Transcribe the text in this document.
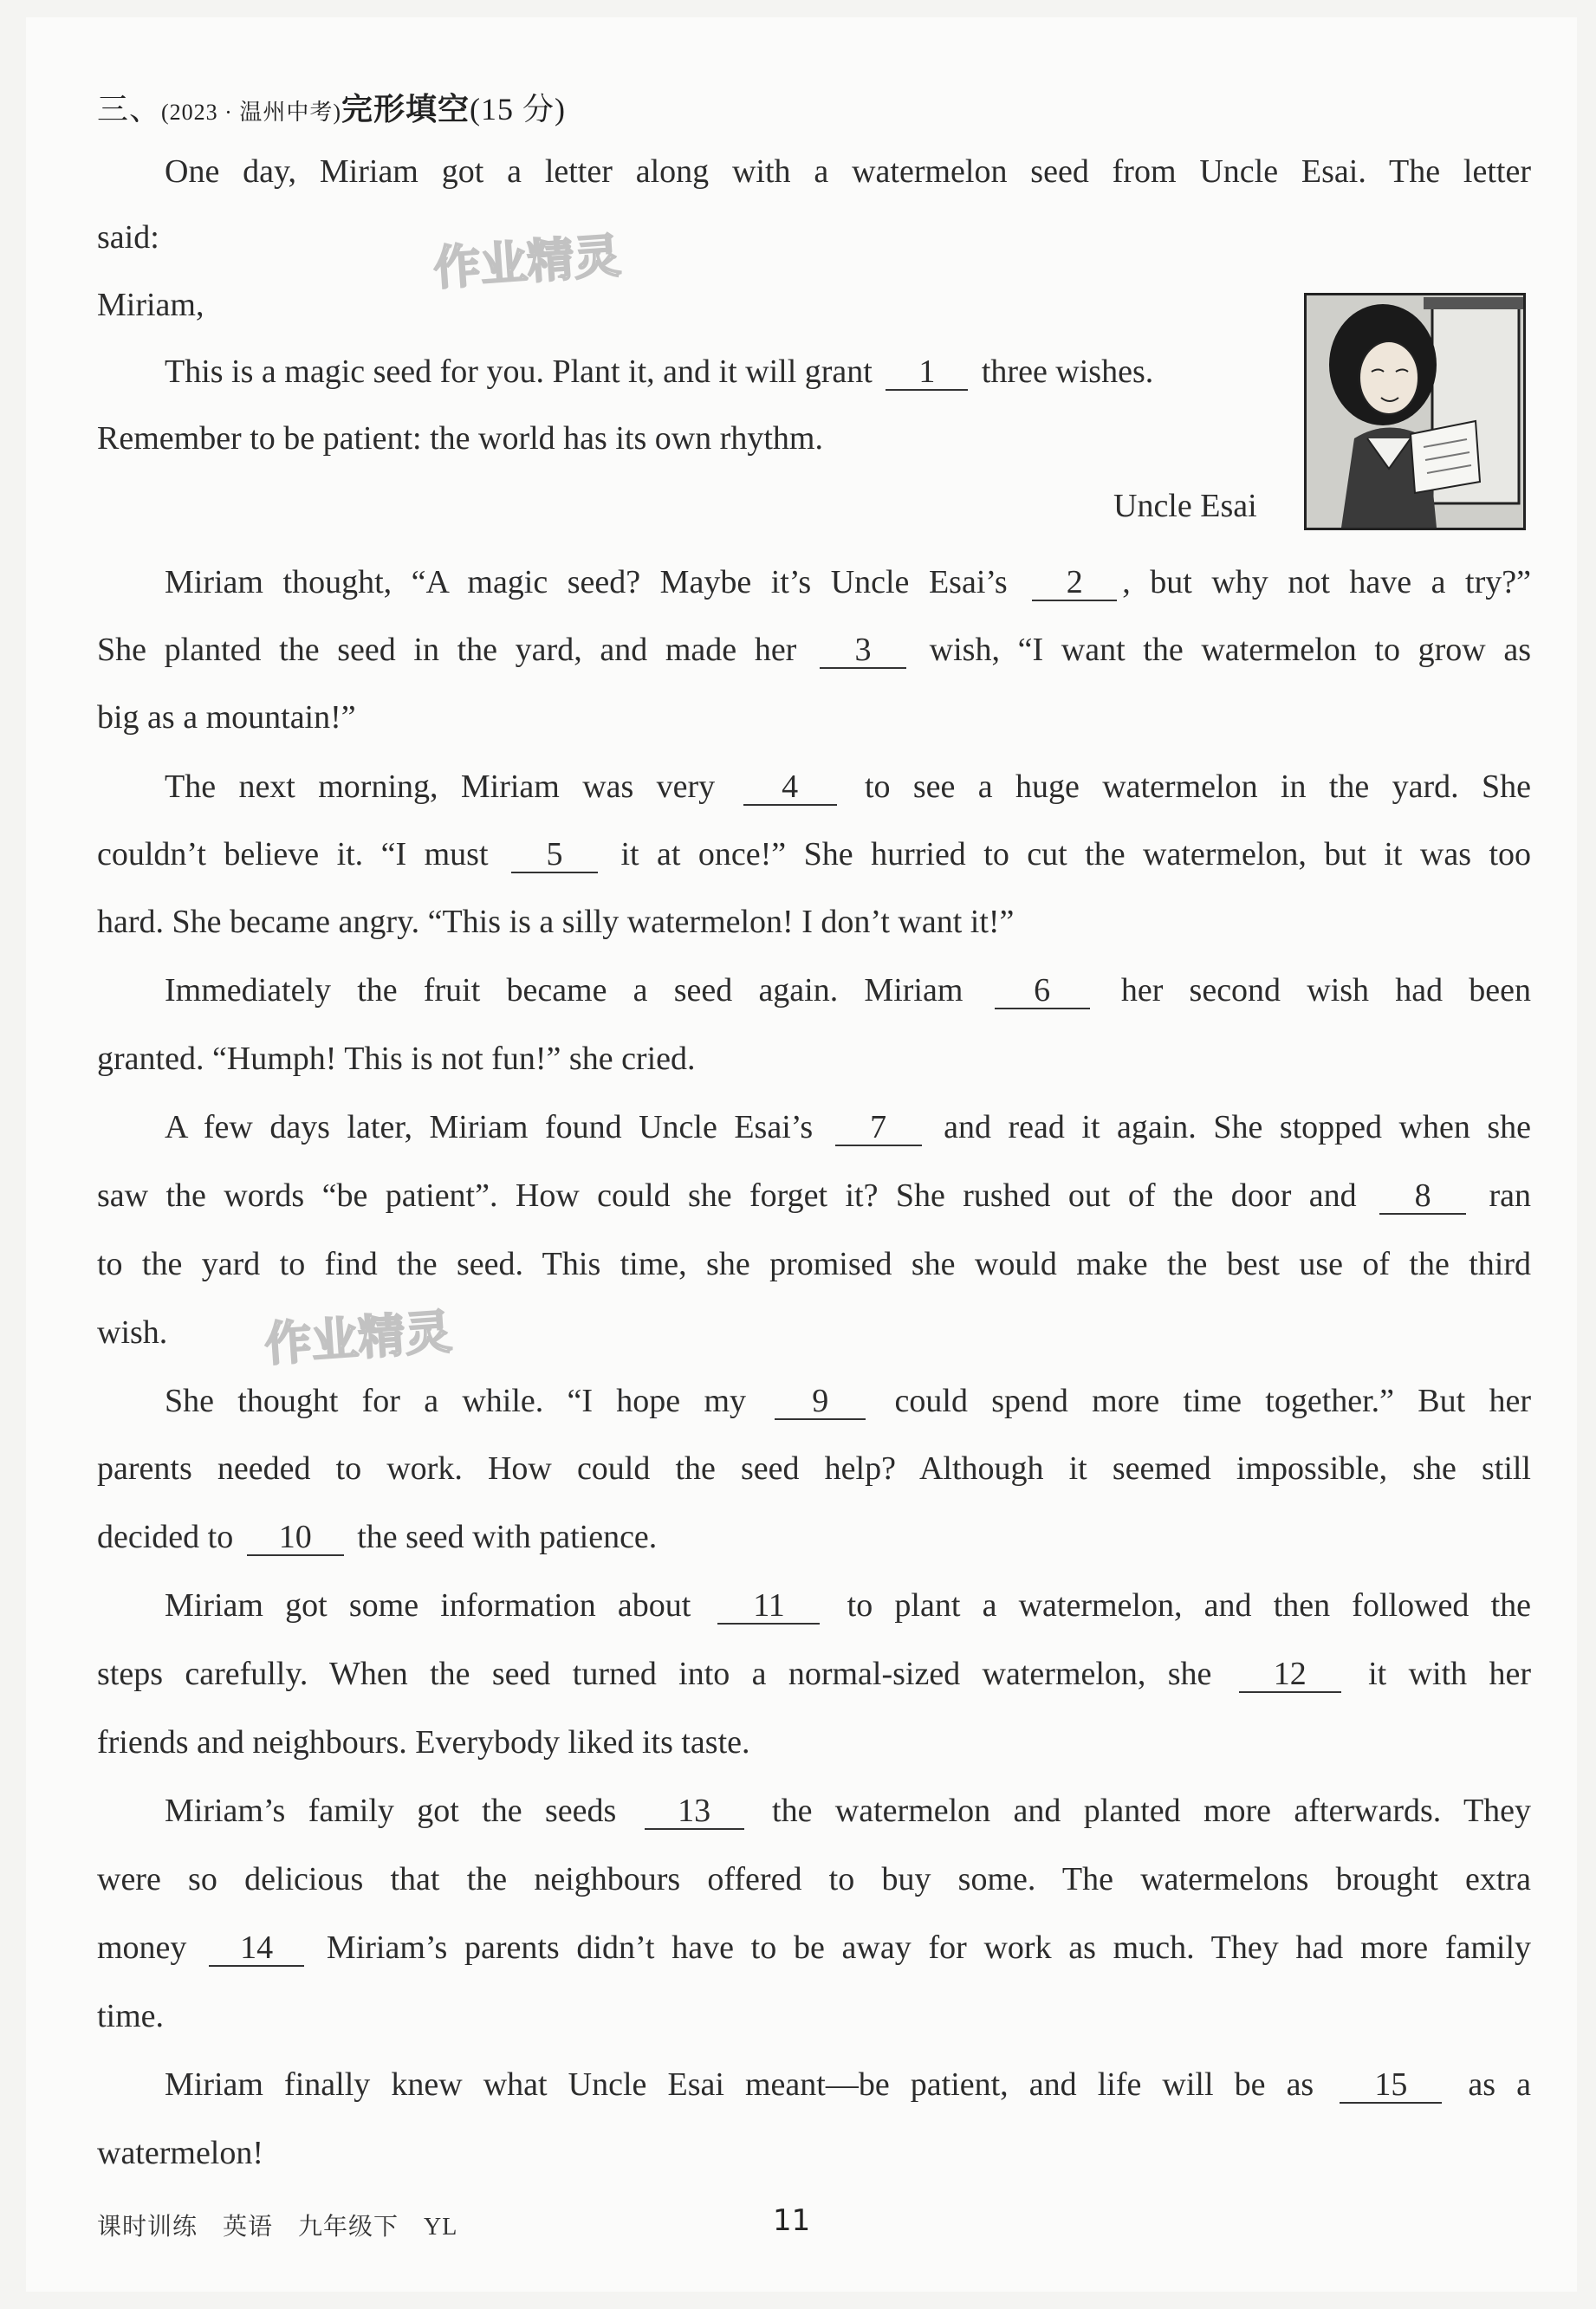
三、(2023 · 温州中考)完形填空(15 分)
作业精灵
作业精灵
One day, Miriam got a letter along with a watermelon seed from Uncle Esai. The letter
said:
Miriam,
This is a magic seed for you. Plant it, and it will grant 1 three wishes.
Remember to be patient: the world has its own rhythm.
Uncle Esai
Miriam thought, “A magic seed? Maybe it’s Uncle Esai’s 2 , but why not have a try?”
She planted the seed in the yard, and made her 3 wish, “I want the watermelon to grow as
big as a mountain!”
The next morning, Miriam was very 4 to see a huge watermelon in the yard. She
couldn’t believe it. “I must 5 it at once!” She hurried to cut the watermelon, but it was too
hard. She became angry. “This is a silly watermelon! I don’t want it!”
Immediately the fruit became a seed again. Miriam 6 her second wish had been
granted. “Humph! This is not fun!” she cried.
A few days later, Miriam found Uncle Esai’s 7 and read it again. She stopped when she
saw the words “be patient”. How could she forget it? She rushed out of the door and 8 ran
to the yard to find the seed. This time, she promised she would make the best use of the third
wish.
She thought for a while. “I hope my 9 could spend more time together.” But her
parents needed to work. How could the seed help? Although it seemed impossible, she still
decided to 10 the seed with patience.
Miriam got some information about 11 to plant a watermelon, and then followed the
steps carefully. When the seed turned into a normal-sized watermelon, she 12 it with her
friends and neighbours. Everybody liked its taste.
Miriam’s family got the seeds 13 the watermelon and planted more afterwards. They
were so delicious that the neighbours offered to buy some. The watermelons brought extra
money 14 Miriam’s parents didn’t have to be away for work as much. They had more family
time.
Miriam finally knew what Uncle Esai meant—be patient, and life will be as 15 as a
watermelon!
课时训练　英语　九年级下　YL	11
